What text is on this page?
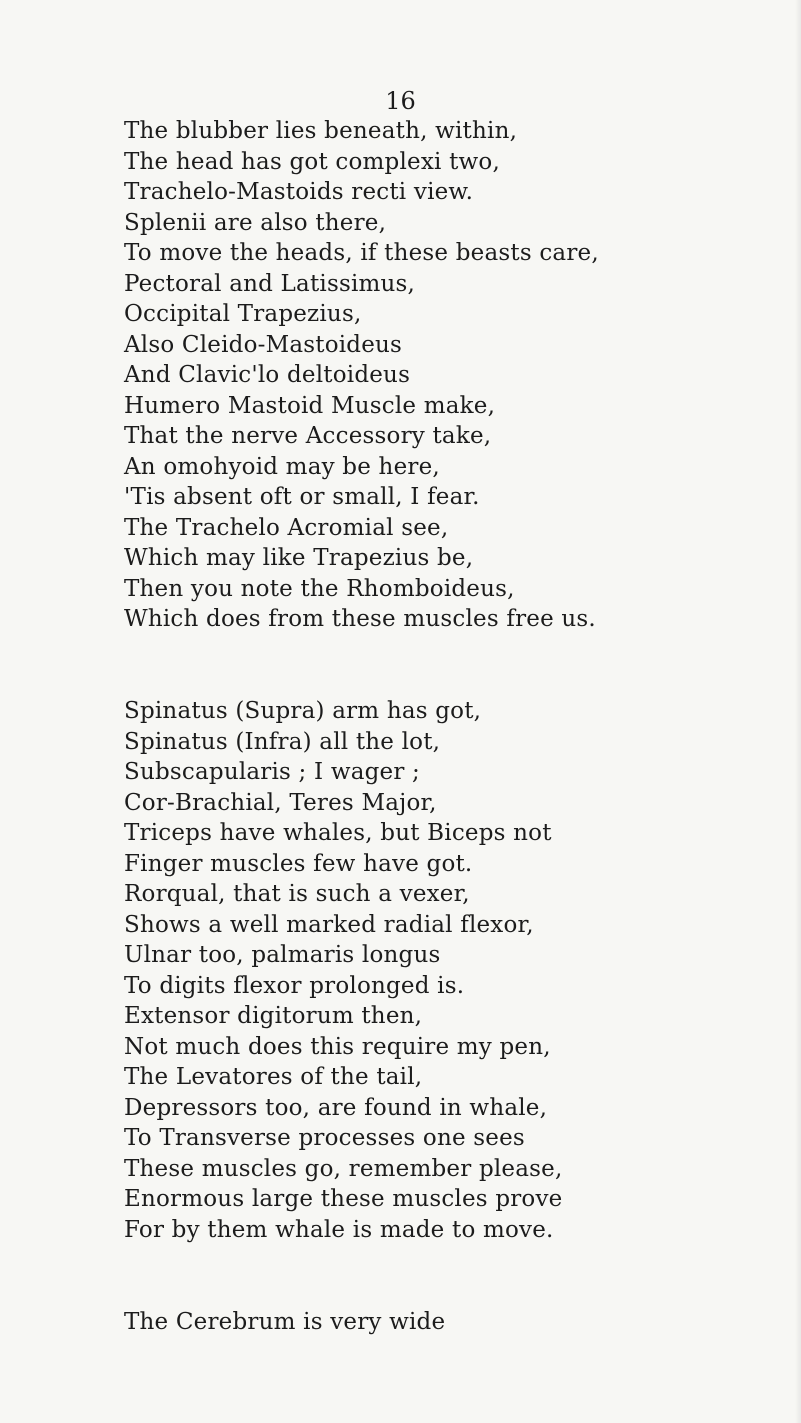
16
The blubber lies beneath, within,
The head has got complexi two,
Trachelo-Mastoids recti view.
Splenii are also there,
To move the heads, if these beasts care,
Pectoral and Latissimus,
Occipital Trapezius,
Also Cleido-Mastoideus
And Clavic'lo deltoideus
Humero Mastoid Muscle make,
That the nerve Accessory take,
An omohyoid may be here,
'Tis absent oft or small, I fear.
The Trachelo Acromial see,
Which may like Trapezius be,
Then you note the Rhomboideus,
Which does from these muscles free us.
Spinatus (Supra) arm has got,
Spinatus (Infra) all the lot,
Subscapularis ; I wager ;
Cor-Brachial, Teres Major,
Triceps have whales, but Biceps not
Finger muscles few have got.
Rorqual, that is such a vexer,
Shows a well marked radial flexor,
Ulnar too, palmaris longus
To digits flexor prolonged is.
Extensor digitorum then,
Not much does this require my pen,
The Levatores of the tail,
Depressors too, are found in whale,
To Transverse processes one sees
These muscles go, remember please,
Enormous large these muscles prove
For by them whale is made to move.
The Cerebrum is very wide
